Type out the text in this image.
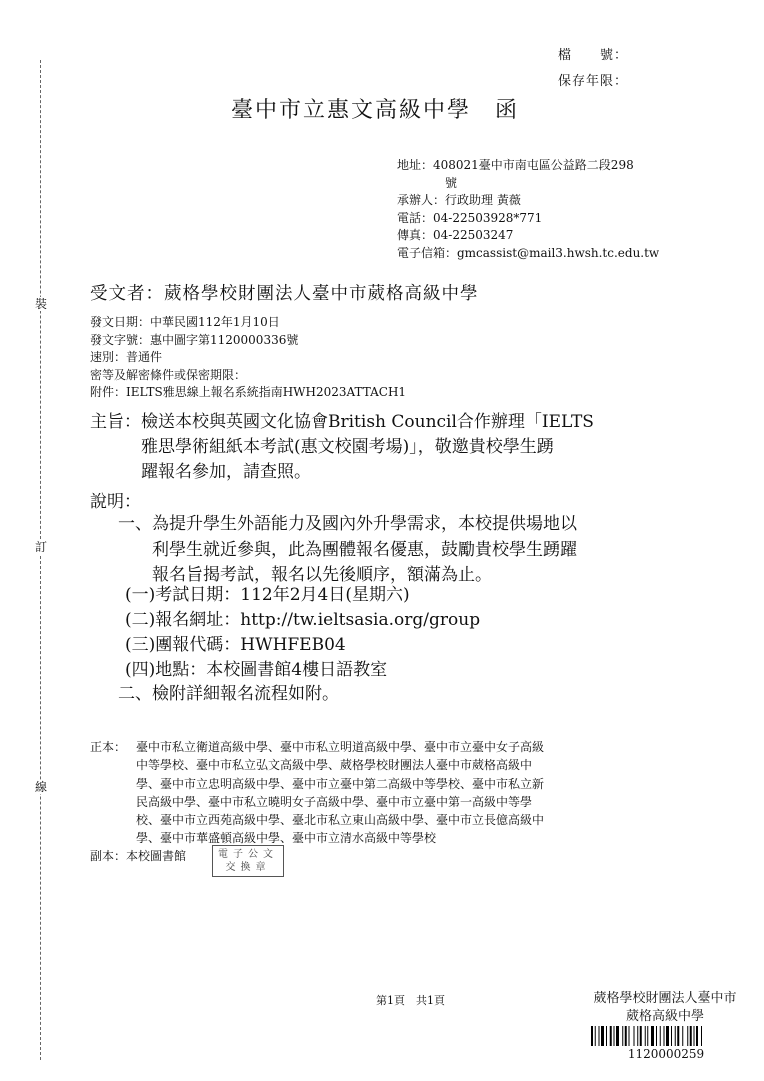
裝
訂
線
檔　　號：
保存年限：
臺中市立惠文高級中學　函
地址：408021臺中市南屯區公益路二段298
號
承辦人：行政助理 黃薇
電話：04-22503928*771
傳真：04-22503247
電子信箱：gmcassist@mail3.hwsh.tc.edu.tw
受文者：葳格學校財團法人臺中市葳格高級中學
發文日期：中華民國112年1月10日
發文字號：惠中圖字第1120000336號
速別：普通件
密等及解密條件或保密期限：
附件：IELTS雅思線上報名系統指南HWH2023ATTACH1
主旨： 檢送本校與英國文化協會British Council合作辦理「IELTS
雅思學術組紙本考試(惠文校園考場)」，敬邀貴校學生踴
躍報名參加，請查照。
說明：
一、 為提升學生外語能力及國內外升學需求，本校提供場地以
利學生就近參與，此為團體報名優惠，鼓勵貴校學生踴躍
報名旨揭考試，報名以先後順序，額滿為止。
(一)考試日期：112年2月4日(星期六)
(二)報名網址：http://tw.ieltsasia.org/group
(三)團報代碼：HWHFEB04
(四)地點：本校圖書館4樓日語教室
二、檢附詳細報名流程如附。
正本： 臺中市私立衛道高級中學、臺中市私立明道高級中學、臺中市立臺中女子高級
中等學校、臺中市私立弘文高級中學、葳格學校財團法人臺中市葳格高級中
學、臺中市立忠明高級中學、臺中市立臺中第二高級中等學校、臺中市私立新
民高級中學、臺中市私立曉明女子高級中學、臺中市立臺中第一高級中等學
校、臺中市立西苑高級中學、臺北市私立東山高級中學、臺中市立長億高級中
學、臺中市華盛頓高級中學、臺中市立清水高級中等學校
副本：本校圖書館	電子公文
交換章
第1頁　共1頁	葳格學校財團法人臺中市
葳格高級中學
1120000259
